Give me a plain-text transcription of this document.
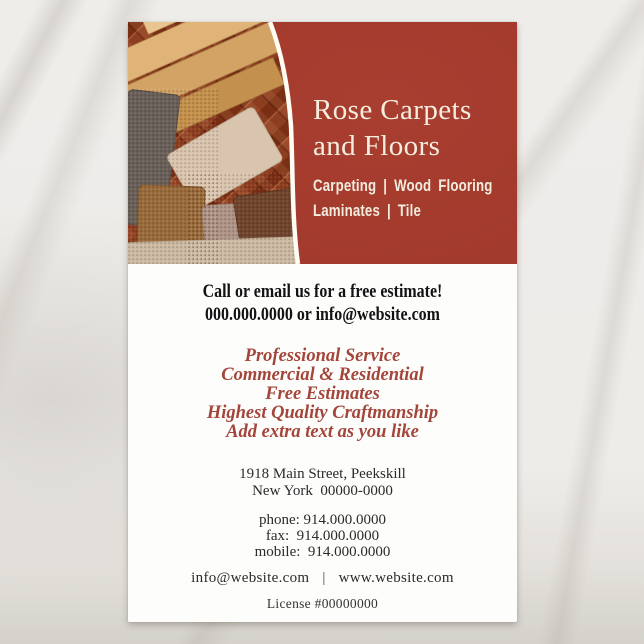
Rose Carpets
and Floors
Carpeting | Wood Flooring
Laminates | Tile
Call or email us for a free estimate!
000.000.0000 or info@website.com
Professional Service
Commercial & Residential
Free Estimates
Highest Quality Craftmanship
Add extra text as you like
1918 Main Street, Peekskill
New York  00000-0000
phone: 914.000.0000
fax:  914.000.0000
mobile:  914.000.0000
info@website.com | www.website.com
License #00000000
